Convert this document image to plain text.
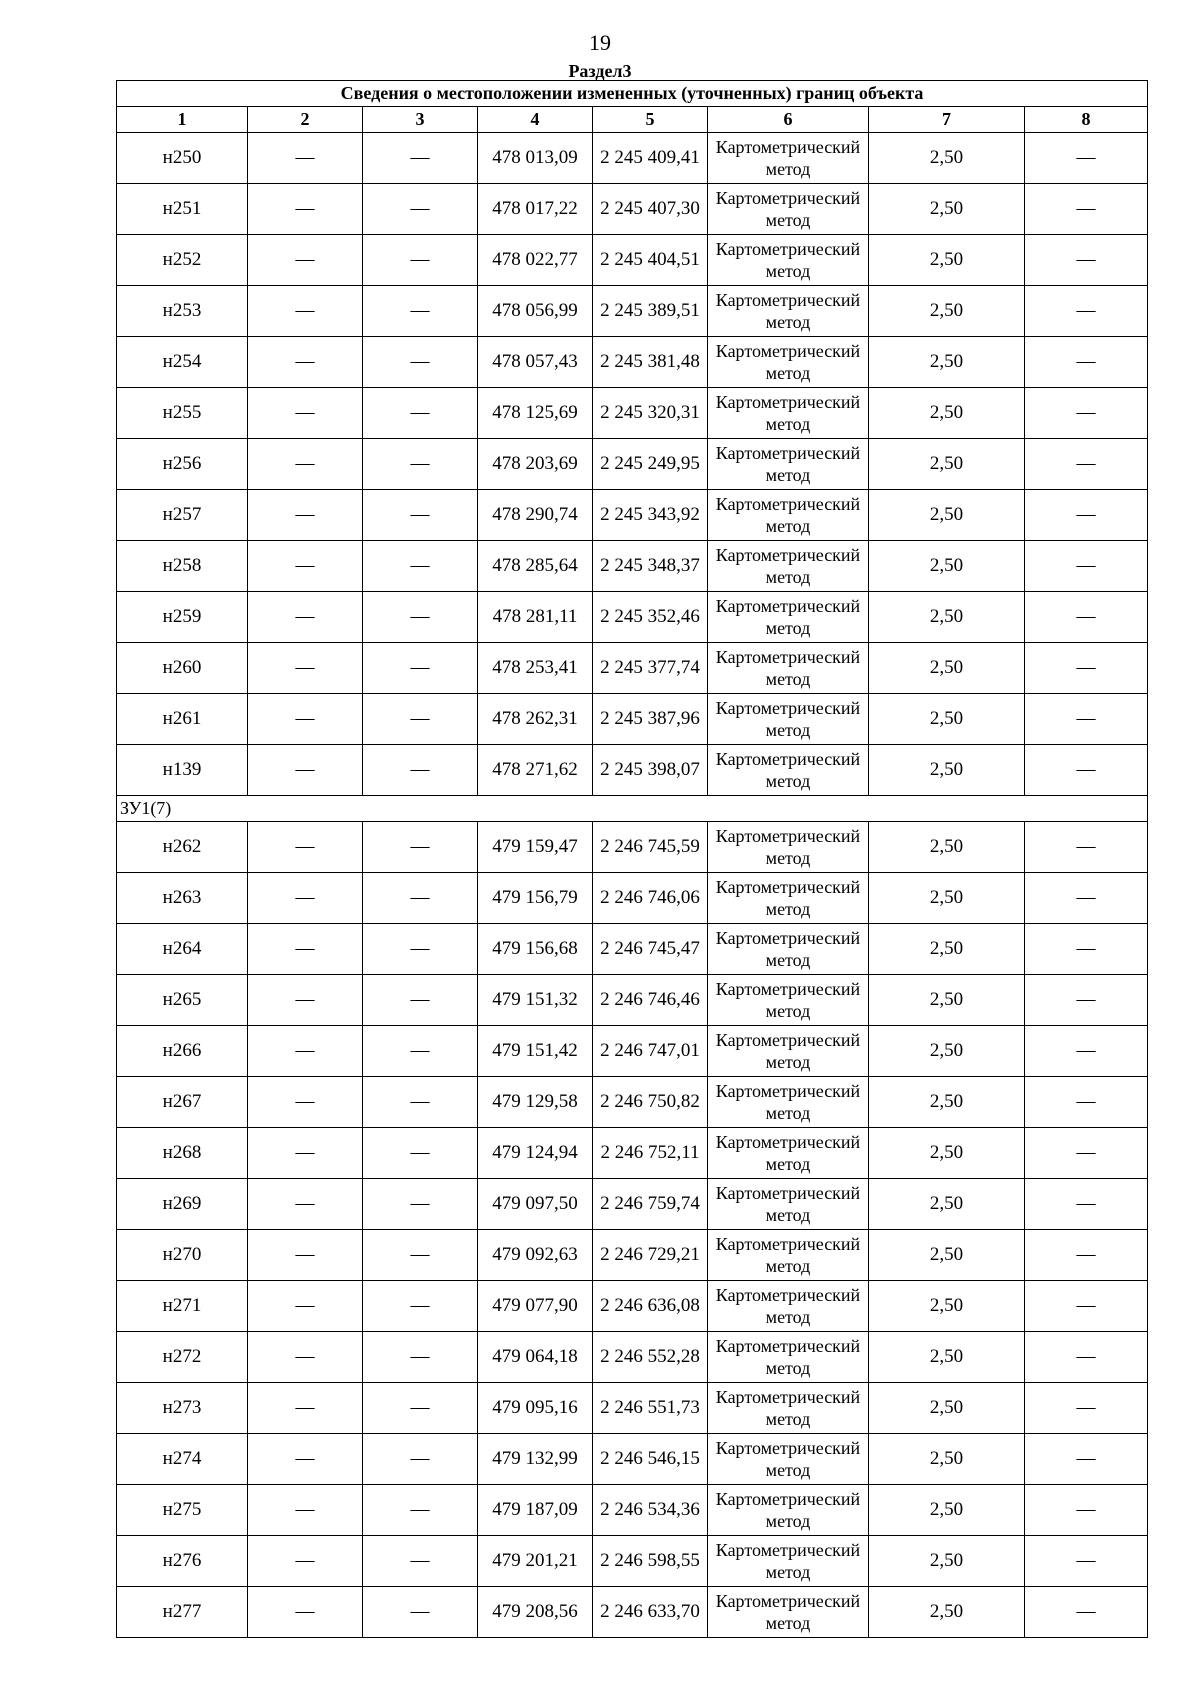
19
Раздел3
Сведения о местоположении измененных (уточненных) границ объекта							
1	2	3	4	5	6	7	8
н250	—	—	478 013,09	2 245 409,41	Картометрический метод	2,50	—
н251	—	—	478 017,22	2 245 407,30	Картометрический метод	2,50	—
н252	—	—	478 022,77	2 245 404,51	Картометрический метод	2,50	—
н253	—	—	478 056,99	2 245 389,51	Картометрический метод	2,50	—
н254	—	—	478 057,43	2 245 381,48	Картометрический метод	2,50	—
н255	—	—	478 125,69	2 245 320,31	Картометрический метод	2,50	—
н256	—	—	478 203,69	2 245 249,95	Картометрический метод	2,50	—
н257	—	—	478 290,74	2 245 343,92	Картометрический метод	2,50	—
н258	—	—	478 285,64	2 245 348,37	Картометрический метод	2,50	—
н259	—	—	478 281,11	2 245 352,46	Картометрический метод	2,50	—
н260	—	—	478 253,41	2 245 377,74	Картометрический метод	2,50	—
н261	—	—	478 262,31	2 245 387,96	Картометрический метод	2,50	—
н139	—	—	478 271,62	2 245 398,07	Картометрический метод	2,50	—
ЗУ1(7)							
н262	—	—	479 159,47	2 246 745,59	Картометрический метод	2,50	—
н263	—	—	479 156,79	2 246 746,06	Картометрический метод	2,50	—
н264	—	—	479 156,68	2 246 745,47	Картометрический метод	2,50	—
н265	—	—	479 151,32	2 246 746,46	Картометрический метод	2,50	—
н266	—	—	479 151,42	2 246 747,01	Картометрический метод	2,50	—
н267	—	—	479 129,58	2 246 750,82	Картометрический метод	2,50	—
н268	—	—	479 124,94	2 246 752,11	Картометрический метод	2,50	—
н269	—	—	479 097,50	2 246 759,74	Картометрический метод	2,50	—
н270	—	—	479 092,63	2 246 729,21	Картометрический метод	2,50	—
н271	—	—	479 077,90	2 246 636,08	Картометрический метод	2,50	—
н272	—	—	479 064,18	2 246 552,28	Картометрический метод	2,50	—
н273	—	—	479 095,16	2 246 551,73	Картометрический метод	2,50	—
н274	—	—	479 132,99	2 246 546,15	Картометрический метод	2,50	—
н275	—	—	479 187,09	2 246 534,36	Картометрический метод	2,50	—
н276	—	—	479 201,21	2 246 598,55	Картометрический метод	2,50	—
н277	—	—	479 208,56	2 246 633,70	Картометрический метод	2,50	—
